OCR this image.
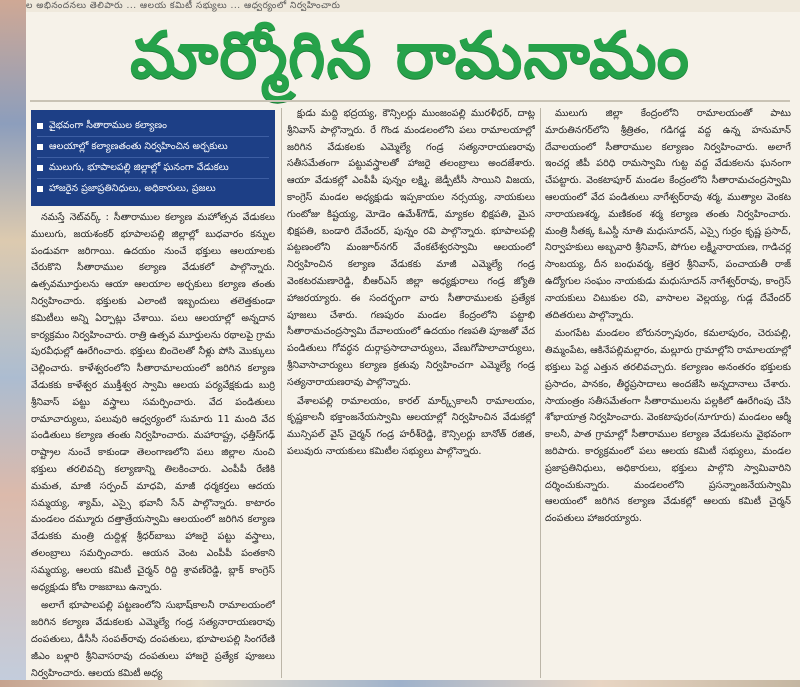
ల అభినందనలు తెలిపారు ... ఆలయ కమిటీ సభ్యులు ... ఆధ్వర్యంలో నిర్వహించారు
మార్మోగిన రామనామం
వైభవంగా సీతారాముల కల్యాణం
ఆలయాల్లో కల్యాణతంతు నిర్వహించిన అర్చకులు
ములుగు, భూపాలపల్లి జిల్లాల్లో ఘనంగా వేడుకలు
హాజరైన ప్రజాప్రతినిధులు, అధికారులు, ప్రజలు

నమస్తే నెట్‌వర్క్‌ : సీతారాముల కల్యాణ మహోత్సవ వేడుకలు ములుగు, జయశంకర్‌ భూపాలపల్లి జిల్లాల్లో బుధవారం కన్నుల పండువగా జరిగాయి. ఉదయం నుంచే భక్తులు ఆలయాలకు చేరుకొని సీతారాముల కల్యాణ వేడుకలో పాల్గొన్నారు. ఉత్సవమూర్తులను ఆయా ఆలయాల అర్చకులు కల్యాణ తంతు నిర్వహించారు. భక్తులకు ఎలాంటి ఇబ్బందులు తలెత్తకుండా కమిటీలు అన్ని ఏర్పాట్లు చేశాయి. పలు ఆలయాల్లో అన్నదాన కార్యక్రమం నిర్వహించారు. రాత్రి ఉత్సవ మూర్తులను రథాలపై గ్రామ పురవీధుల్లో ఊరేగించారు. భక్తులు బిందెలతో నీళ్లు పోసి మొక్కులు చెల్లించారు. కాళేశ్వరంలోని సీతారామాలయంలో జరిగిన కల్యాణ వేడుకకు కాళేశ్వర ముక్తీశ్వర స్వామి ఆలయ పర్యవేక్షకుడు బుర్రి శ్రీనివాస్‌ పట్టు వస్త్రాలు సమర్పించారు. వేద పండితులు రామాచార్యులు, పలువురి ఆధ్వర్యంలో సుమారు 11 మంది వేద పండితులు కల్యాణ తంతు నిర్వహించారు. మహారాష్ట్ర, ఛత్తీస్‌గఢ్‌ రాష్ట్రాల నుంచే కాకుండా తెలంగాణలోని పలు జిల్లాల నుంచి భక్తులు తరలివచ్చి కల్యాణాన్ని తిలకించారు. ఎంపీపీ రేణికి మమత, మాజీ సర్పంచ్‌ మాధవి, మాజీ ధర్మకర్తలు ఆదయ సమ్మయ్య, శ్యామ్‌, ఎస్సై భవానీ సేన్‌ పాల్గొన్నారు. కాటారం మండలం దమ్మూరు దత్తాత్రేయస్వామి ఆలయంలో జరిగిన కల్యాణ వేడుకకు మంత్రి దుద్దిళ్ల శ్రీధర్‌బాబు హాజరై పట్టు వస్త్రాలు, తలంబ్రాలు సమర్పించారు. ఆయన వెంట ఎంపీపీ పంతకాని సమ్మయ్య, ఆలయ కమిటీ చైర్మన్‌ రిద్ది శ్రావణ్‌రెడ్డి, బ్లాక్‌ కాంగ్రెస్‌ అధ్యక్షుడు కోట రాజబాబు ఉన్నారు.

అలాగే భూపాలపల్లి పట్టణంలోని సుభాష్‌కాలనీ రామాలయంలో జరిగిన కల్యాణ వేడుకలకు ఎమ్మెల్యే గండ్ర సత్యనారాయణరావు దంపతులు, డీసీసీ సంపత్‌రావు దంపతులు, భూపాలపల్లి సింగరేణి జీఎం బళ్లారి శ్రీనివాసరావు దంపతులు హాజరై ప్రత్యేక పూజలు నిర్వహించారు. ఆలయ కమిటీ అధ్య

క్షుడు మద్ది భద్రయ్య, కౌన్సిలర్లు ముంజంపల్లి మురళీధర్‌, దాట్ల శ్రీనివాస్‌ పాల్గొన్నారు. రే గొండ మండలంలోని పలు రామాలయాల్లో జరిగిన వేడుకలకు ఎమ్మెల్యే గండ్ర సత్యనారాయణరావు సతీసమేతంగా పట్టువస్త్రాలతో హాజరై తలంబ్రాలు అందజేశారు. ఆయా వేడుకల్లో ఎంపీపీ పున్నం లక్ష్మి, జెడ్పీటీసీ సాయిని విజయ, కాంగ్రెస్‌ మండల అధ్యక్షుడు ఇప్పకాయల నర్సయ్య, నాయకులు గుంటోజు కిష్టయ్య, మోడెం ఉమేశ్‌గౌడ్‌, మ్యాకల భిక్షపతి, మైస భిక్షపతి, బండారి దేవేందర్‌, పున్నం రవి పాల్గొన్నారు. భూపాలపల్లి పట్టణంలోని మంజూర్‌నగర్‌ వేంకటేశ్వరస్వామి ఆలయంలో నిర్వహించిన కల్యాణ వేడుకకు మాజీ ఎమ్మెల్యే గండ్ర వెంకటరమణారెడ్డి, బీఆర్‌ఎస్‌ జిల్లా అధ్యక్షురాలు గండ్ర జ్యోతి హాజరయ్యారు. ఈ సందర్భంగా వారు సీతారాములకు ప్రత్యేక పూజలు చేశారు. గణపురం మండల కేంద్రంలోని పట్టాభి సీతారామచంద్రస్వామి దేవాలయంలో ఉదయం గణపతి పూజతో వేద పండితులు గోవర్ధన దుర్గాప్రసాదాచార్యులు, వేణుగోపాలాచార్యులు, శ్రీనివాసాచార్యులు కల్యాణ క్రతువు నిర్వహించగా ఎమ్మెల్యే గండ్ర సత్యనారాయణరావు పాల్గొన్నారు.

వేశాలపల్లి రామాలయం, కారల్‌ మార్క్స్‌కాలనీ రామాలయం, కృష్ణకాలనీ భక్తాంజనేయస్వామి ఆలయాల్లో నిర్వహించిన వేడుకల్లో మున్సిపల్‌ వైస్‌ చైర్మన్‌ గండ్ర హరీశ్‌రెడ్డి, కౌన్సిలర్లు బానోత్‌ రజిత, పలువురు నాయకులు కమిటీల సభ్యులు పాల్గొన్నారు.

ములుగు జిల్లా కేంద్రంలోని రామాలయంతో పాటు మారుతినగర్‌లోని శ్రీ‌త్రి‌తం, గడిగడ్డ వద్ద ఉన్న హనుమాన్‌ దేవాలయంలో సీతారాముల కల్యాణం నిర్వహించారు. అలాగే ఇంచర్ల జీపీ పరిధి రామస్వామి గుట్ట వద్ద వేడుకలను ఘనంగా చేపట్టారు. వెంకటాపూర్‌ మండల కేంద్రంలోని సీతారామచంద్రస్వామి ఆలయంలో వేద పండితులు నాగేశ్వర్‌రావు శర్మ, ముత్యాల వెంకట నారాయణశర్మ, మణికంఠ శర్మ కల్యాణ తంతు నిర్వహించారు. మంత్రి సీతక్క ఓఎస్డీ నూతి మధుసూదన్‌, ఎస్సై గుర్రం కృష్ణ ప్రసాద్‌, నిర్వాహకులు అబ్బవారి శ్రీనివాస్‌, పోగుల లక్ష్మీనారాయణ, గాడిచర్ల సాంబయ్య, దీన బంధువర్మ, కత్తెర శ్రీనివాస్‌, పంచాయతీ రాజ్‌ ఉద్యోగుల సంఘం నాయకుడు మధుసూదన్‌ నాగేశ్వర్‌రావు, కాంగ్రెస్‌ నాయకులు చిటుకుల రవి, వాసాలల వెల్లయ్య, గుడ్ల దేవేందర్‌ తదితరులు పాల్గొన్నారు.

మంగపేట మండలం బోరునర్సాపురం, కమలాపురం, చెరుపల్లి, తిమ్మంపేట, ఆకినేపల్లిమల్లారం, మల్లూరు గ్రామాల్లోని రామాలయాల్లో భక్తులు పెద్ద ఎత్తున తరలివచ్చారు. కల్యాణం అనంతరం భక్తులకు ప్రసాదం, పానకం, తీర్థప్రసాదాలు అందజేసి అన్నదానాలు చేశారు. సాయంత్రం సతీసమేతంగా సీతారాములను పల్లకిలో ఊరేగింపు చేసి శోభాయాత్ర నిర్వహించారు. వెంకటాపురం(నూగూరు) మండలం ఆర్మీ కాలనీ, పాత గ్రామాల్లో సీతారాముల కల్యాణ వేడుకలను వైభవంగా జరిపారు. కార్యక్రమంలో పలు ఆలయ కమిటీ సభ్యులు, మండల ప్రజాప్రతినిధులు, అధికారులు, భక్తులు పాల్గొని స్వామివారిని దర్శించుకున్నారు. మండలంలోని ప్రసన్నాంజనేయస్వామి ఆలయంలో జరిగిన కల్యాణ వేడుకల్లో ఆలయ కమిటీ చైర్మన్‌ దంపతులు హాజరయ్యారు.
